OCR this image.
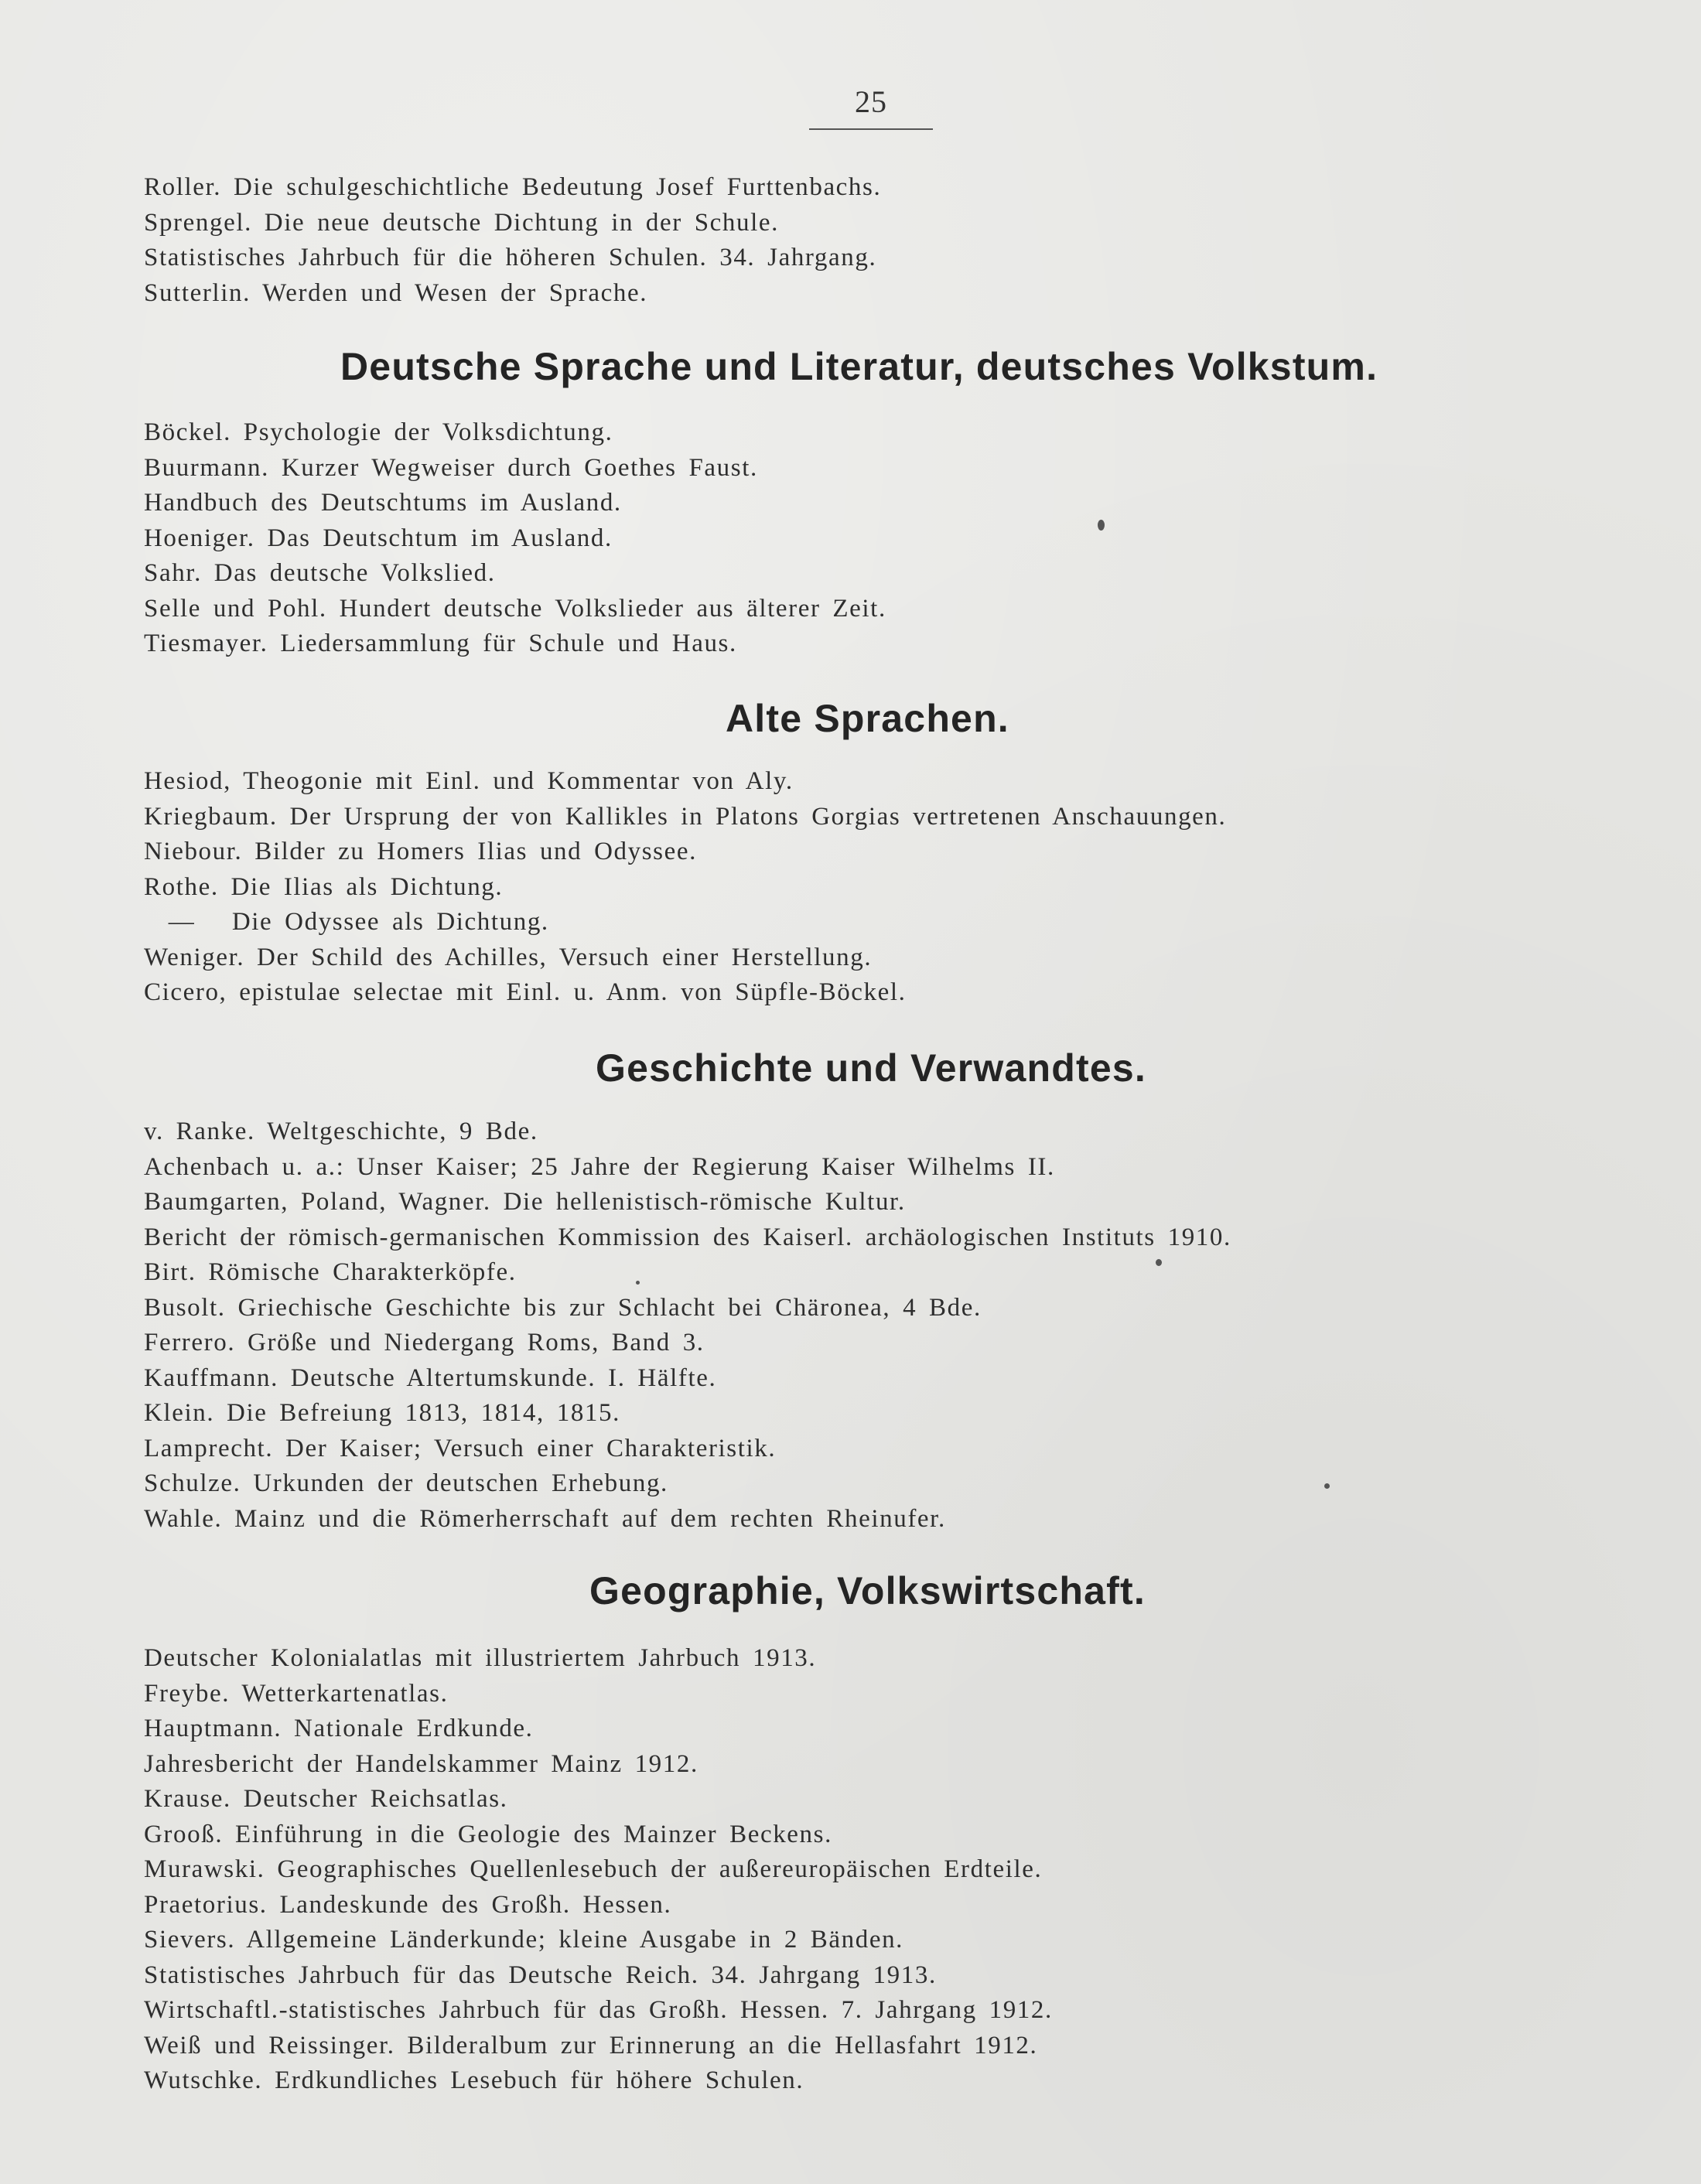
25
Roller. Die schulgeschichtliche Bedeutung Josef Furttenbachs.
Sprengel. Die neue deutsche Dichtung in der Schule.
Statistisches Jahrbuch für die höheren Schulen. 34. Jahrgang.
Sutterlin. Werden und Wesen der Sprache.
Deutsche Sprache und Literatur, deutsches Volkstum.
Böckel. Psychologie der Volksdichtung.
Buurmann. Kurzer Wegweiser durch Goethes Faust.
Handbuch des Deutschtums im Ausland.
Hoeniger. Das Deutschtum im Ausland.
Sahr. Das deutsche Volkslied.
Selle und Pohl. Hundert deutsche Volkslieder aus älterer Zeit.
Tiesmayer. Liedersammlung für Schule und Haus.
Alte Sprachen.
Hesiod, Theogonie mit Einl. und Kommentar von Aly.
Kriegbaum. Der Ursprung der von Kallikles in Platons Gorgias vertretenen Anschauungen.
Niebour. Bilder zu Homers Ilias und Odyssee.
Rothe. Die Ilias als Dichtung.
—   Die Odyssee als Dichtung.
Weniger. Der Schild des Achilles, Versuch einer Herstellung.
Cicero, epistulae selectae mit Einl. u. Anm. von Süpfle-Böckel.
Geschichte und Verwandtes.
v. Ranke. Weltgeschichte, 9 Bde.
Achenbach u. a.: Unser Kaiser; 25 Jahre der Regierung Kaiser Wilhelms II.
Baumgarten, Poland, Wagner. Die hellenistisch-römische Kultur.
Bericht der römisch-germanischen Kommission des Kaiserl. archäologischen Instituts 1910.
Birt. Römische Charakterköpfe.
Busolt. Griechische Geschichte bis zur Schlacht bei Chäronea, 4 Bde.
Ferrero. Größe und Niedergang Roms, Band 3.
Kauffmann. Deutsche Altertumskunde. I. Hälfte.
Klein. Die Befreiung 1813, 1814, 1815.
Lamprecht. Der Kaiser; Versuch einer Charakteristik.
Schulze. Urkunden der deutschen Erhebung.
Wahle. Mainz und die Römerherrschaft auf dem rechten Rheinufer.
Geographie, Volkswirtschaft.
Deutscher Kolonialatlas mit illustriertem Jahrbuch 1913.
Freybe. Wetterkartenatlas.
Hauptmann. Nationale Erdkunde.
Jahresbericht der Handelskammer Mainz 1912.
Krause. Deutscher Reichsatlas.
Grooß. Einführung in die Geologie des Mainzer Beckens.
Murawski. Geographisches Quellenlesebuch der außereuropäischen Erdteile.
Praetorius. Landeskunde des Großh. Hessen.
Sievers. Allgemeine Länderkunde; kleine Ausgabe in 2 Bänden.
Statistisches Jahrbuch für das Deutsche Reich. 34. Jahrgang 1913.
Wirtschaftl.-statistisches Jahrbuch für das Großh. Hessen. 7. Jahrgang 1912.
Weiß und Reissinger. Bilderalbum zur Erinnerung an die Hellasfahrt 1912.
Wutschke. Erdkundliches Lesebuch für höhere Schulen.
